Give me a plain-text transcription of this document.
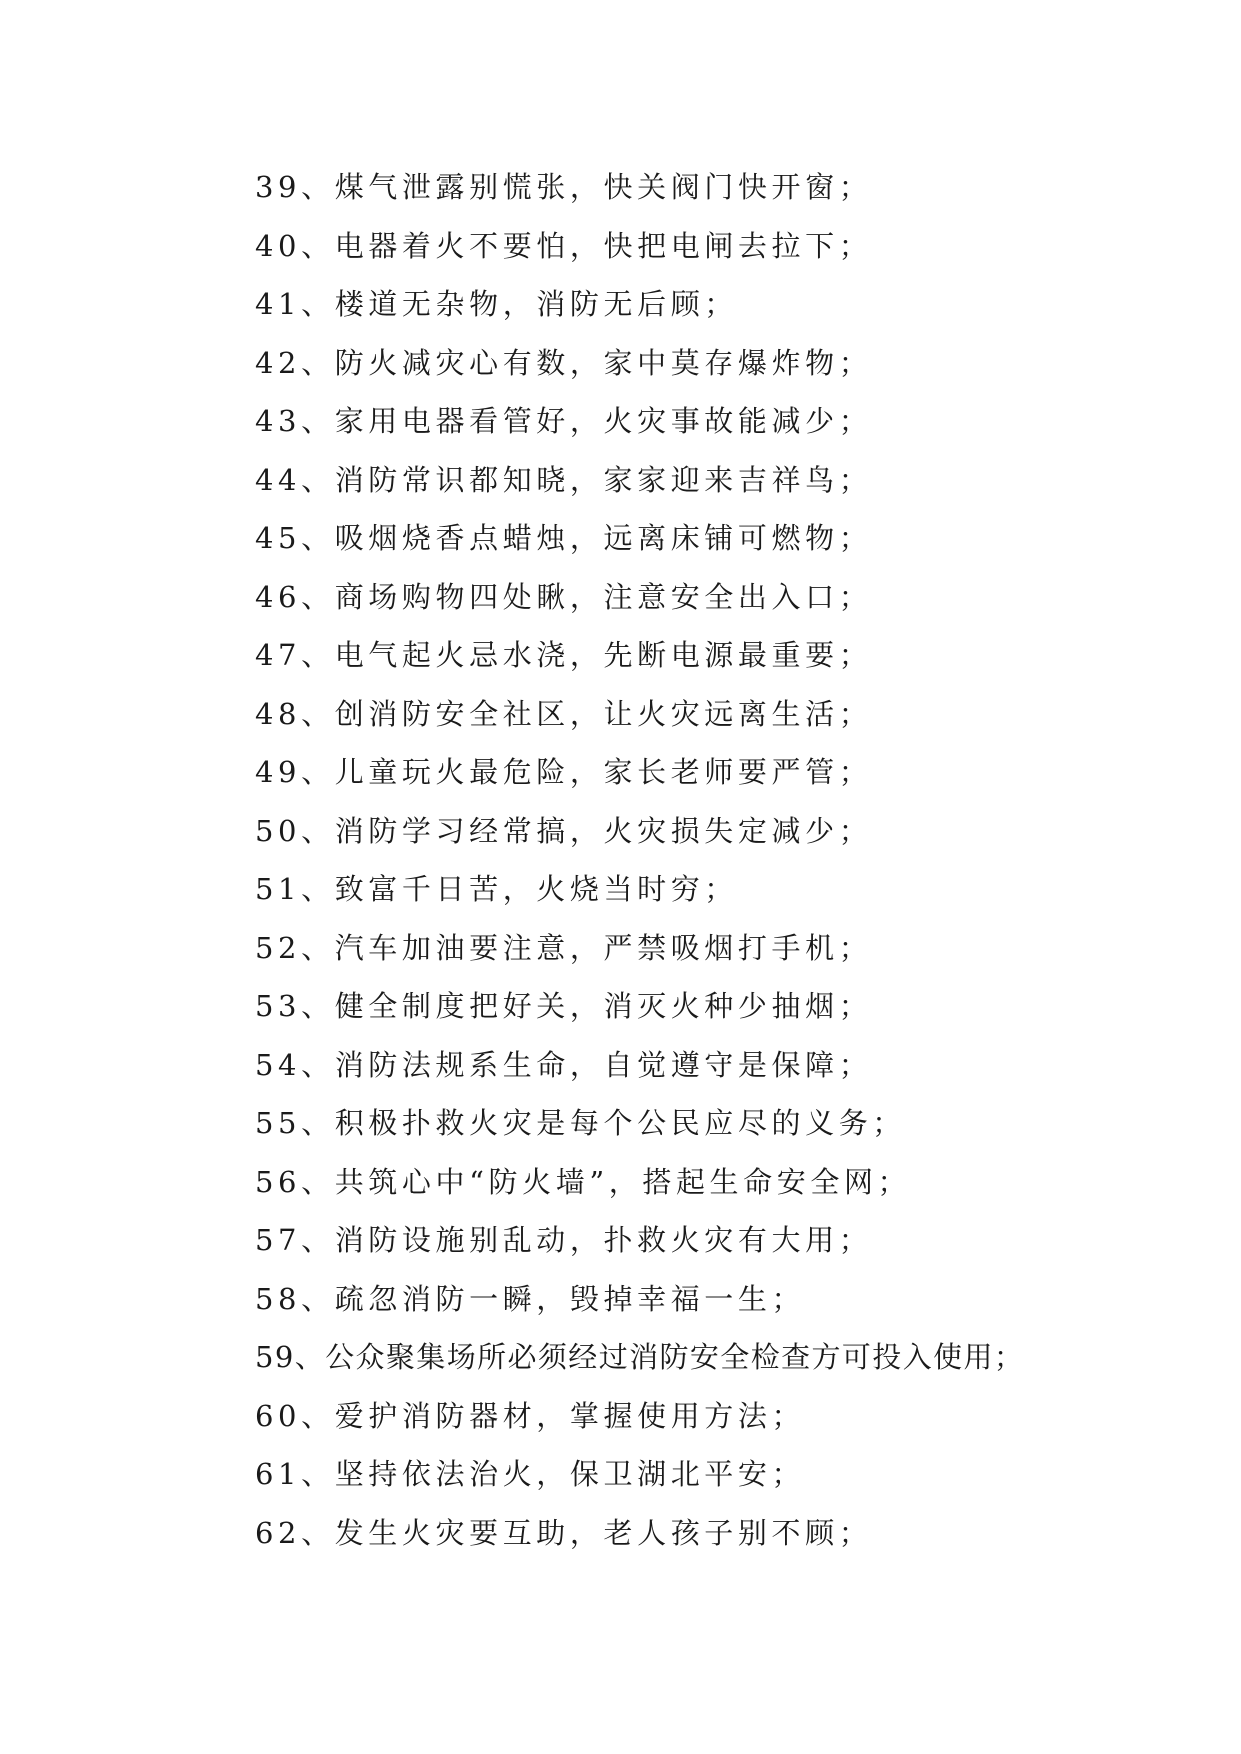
39、煤气泄露别慌张，快关阀门快开窗；
40、电器着火不要怕，快把电闸去拉下；
41、楼道无杂物，消防无后顾；
42、防火减灾心有数，家中莫存爆炸物；
43、家用电器看管好，火灾事故能减少；
44、消防常识都知晓，家家迎来吉祥鸟；
45、吸烟烧香点蜡烛，远离床铺可燃物；
46、商场购物四处瞅，注意安全出入口；
47、电气起火忌水浇，先断电源最重要；
48、创消防安全社区，让火灾远离生活；
49、儿童玩火最危险，家长老师要严管；
50、消防学习经常搞，火灾损失定减少；
51、致富千日苦，火烧当时穷；
52、汽车加油要注意，严禁吸烟打手机；
53、健全制度把好关，消灭火种少抽烟；
54、消防法规系生命，自觉遵守是保障；
55、积极扑救火灾是每个公民应尽的义务；
56、共筑心中“防火墙”，搭起生命安全网；
57、消防设施别乱动，扑救火灾有大用；
58、疏忽消防一瞬，毁掉幸福一生；
59、公众聚集场所必须经过消防安全检查方可投入使用；
60、爱护消防器材，掌握使用方法；
61、坚持依法治火，保卫湖北平安；
62、发生火灾要互助，老人孩子别不顾；
